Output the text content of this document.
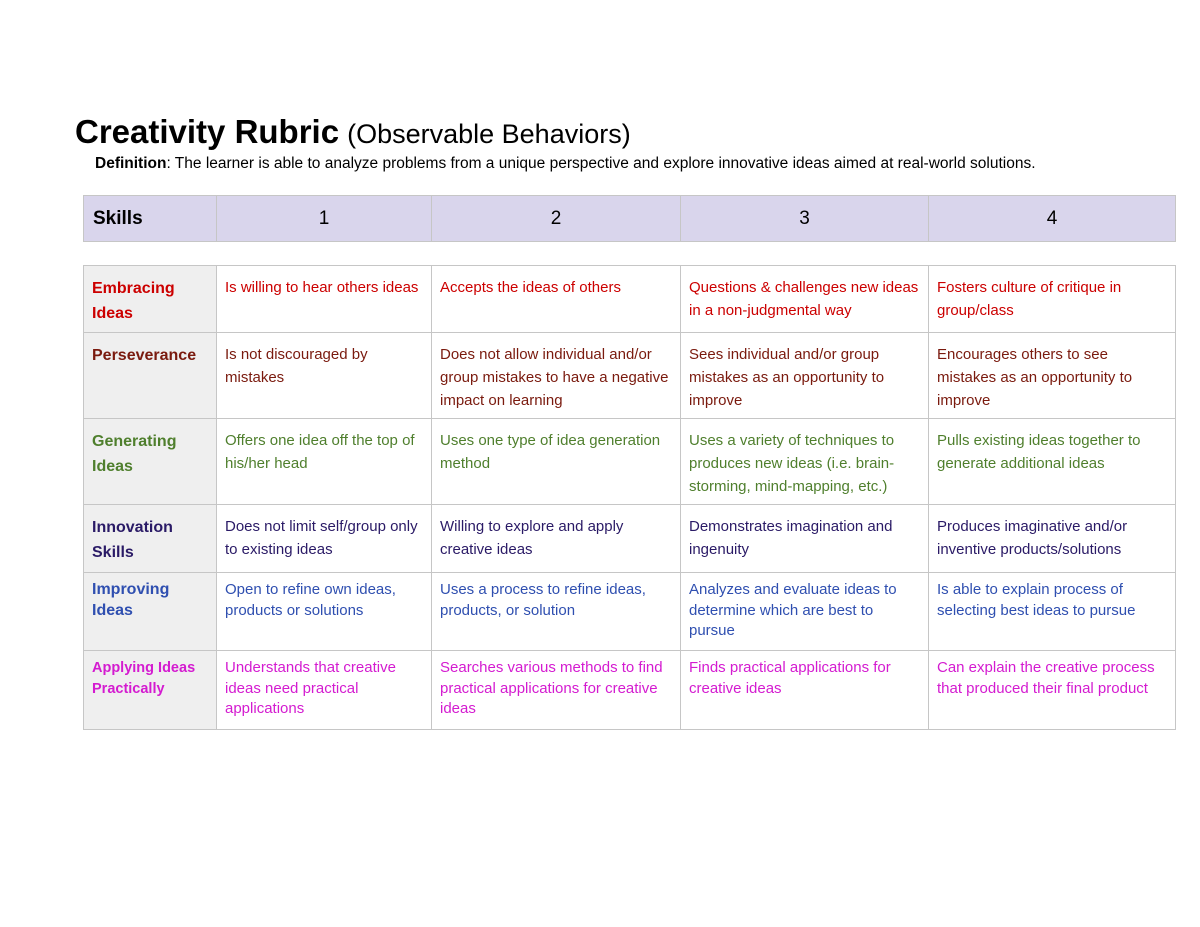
Creativity Rubric (Observable Behaviors)
Definition: The learner is able to analyze problems from a unique perspective and explore innovative ideas aimed at real-world solutions.
Skills	1	2	3	4
Embracing Ideas	Is willing to hear others ideas	Accepts the ideas of others	Questions & challenges new ideas in a non-judgmental way	Fosters culture of critique in group/class
Perseverance	Is not discouraged by mistakes	Does not allow individual and/or group mistakes to have a negative impact on learning	Sees individual and/or group mistakes as an opportunity to improve	Encourages others to see mistakes as an opportunity to improve
Generating Ideas	Offers one idea off the top of his/her head	Uses one type of idea generation method	Uses a variety of techniques to produces new ideas (i.e. brain-storming, mind-mapping, etc.)	Pulls existing ideas together to generate additional ideas
Innovation Skills	Does not limit self/group only to existing ideas	Willing to explore and apply creative ideas	Demonstrates imagination and ingenuity	Produces imaginative and/or inventive products/solutions
Improving Ideas	Open to refine own ideas, products or solutions	Uses a process to refine ideas, products, or solution	Analyzes and evaluate ideas to determine which are best to pursue	Is able to explain process of selecting best ideas to pursue
Applying Ideas Practically	Understands that creative ideas need practical applications	Searches various methods to find practical applications for creative ideas	Finds practical applications for creative ideas	Can explain the creative process that produced their final product
